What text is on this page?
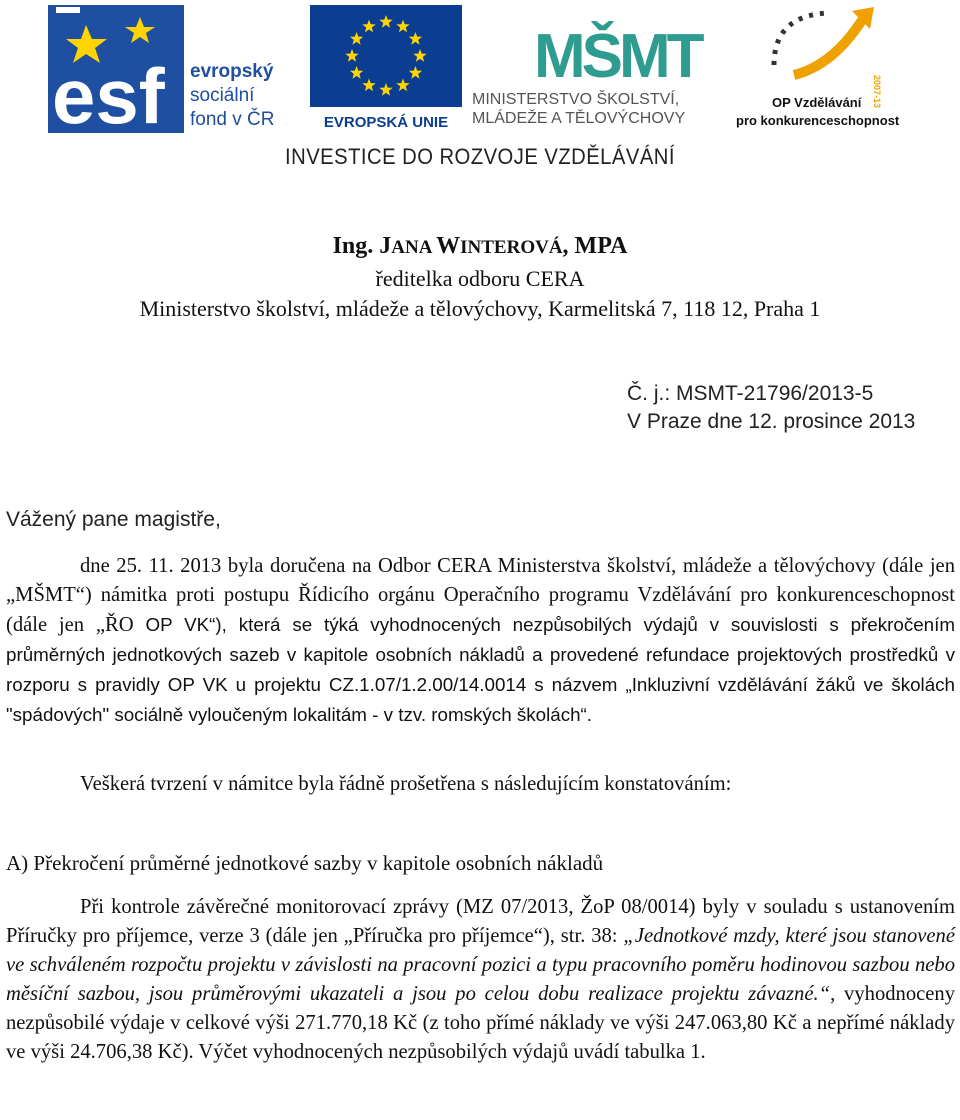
esf evropský
sociální
fond v ČR	EVROPSKÁ UNIE
MŠMT
MINISTERSTVO ŠKOLSTVÍ,
MLÁDEŽE A TĚLOVÝCHOVY
2007-13
OP Vzdělávání
pro konkurenceschopnost
INVESTICE DO ROZVOJE VZDĚLÁVÁNÍ
Ing. JANA WINTEROVÁ, MPA
ředitelka odboru CERA
Ministerstvo školství, mládeže a tělovýchovy, Karmelitská 7, 118 12, Praha 1
Č. j.: MSMT-21796/2013-5
V Praze dne 12. prosince 2013
Vážený pane magistře,
dne 25. 11. 2013 byla doručena na Odbor CERA Ministerstva školství, mládeže a tělovýchovy (dále jen „MŠMT“) námitka proti postupu Řídicího orgánu Operačního programu Vzdělávání pro konkurenceschopnost (dále jen „ŘO OP VK“), která se týká vyhodnocených nezpůsobilých výdajů v souvislosti s překročením průměrných jednotkových sazeb v kapitole osobních nákladů a provedené refundace projektových prostředků v rozporu s pravidly OP VK u projektu CZ.1.07/1.2.00/14.0014 s názvem „Inkluzivní vzdělávání žáků ve školách "spádových" sociálně vyloučeným lokalitám - v tzv. romských školách“.
Veškerá tvrzení v námitce byla řádně prošetřena s následujícím konstatováním:
A) Překročení průměrné jednotkové sazby v kapitole osobních nákladů
Při kontrole závěrečné monitorovací zprávy (MZ 07/2013, ŽoP 08/0014) byly v souladu s ustanovením Příručky pro příjemce, verze 3 (dále jen „Příručka pro příjemce“), str. 38: „Jednotkové mzdy, které jsou stanovené ve schváleném rozpočtu projektu v závislosti na pracovní pozici a typu pracovního poměru hodinovou sazbou nebo měsíční sazbou, jsou průměrovými ukazateli a jsou po celou dobu realizace projektu závazné.“, vyhodnoceny nezpůsobilé výdaje v celkové výši 271.770,18 Kč (z toho přímé náklady ve výši 247.063,80 Kč a nepřímé náklady ve výši 24.706,38 Kč). Výčet vyhodnocených nezpůsobilých výdajů uvádí tabulka 1.
